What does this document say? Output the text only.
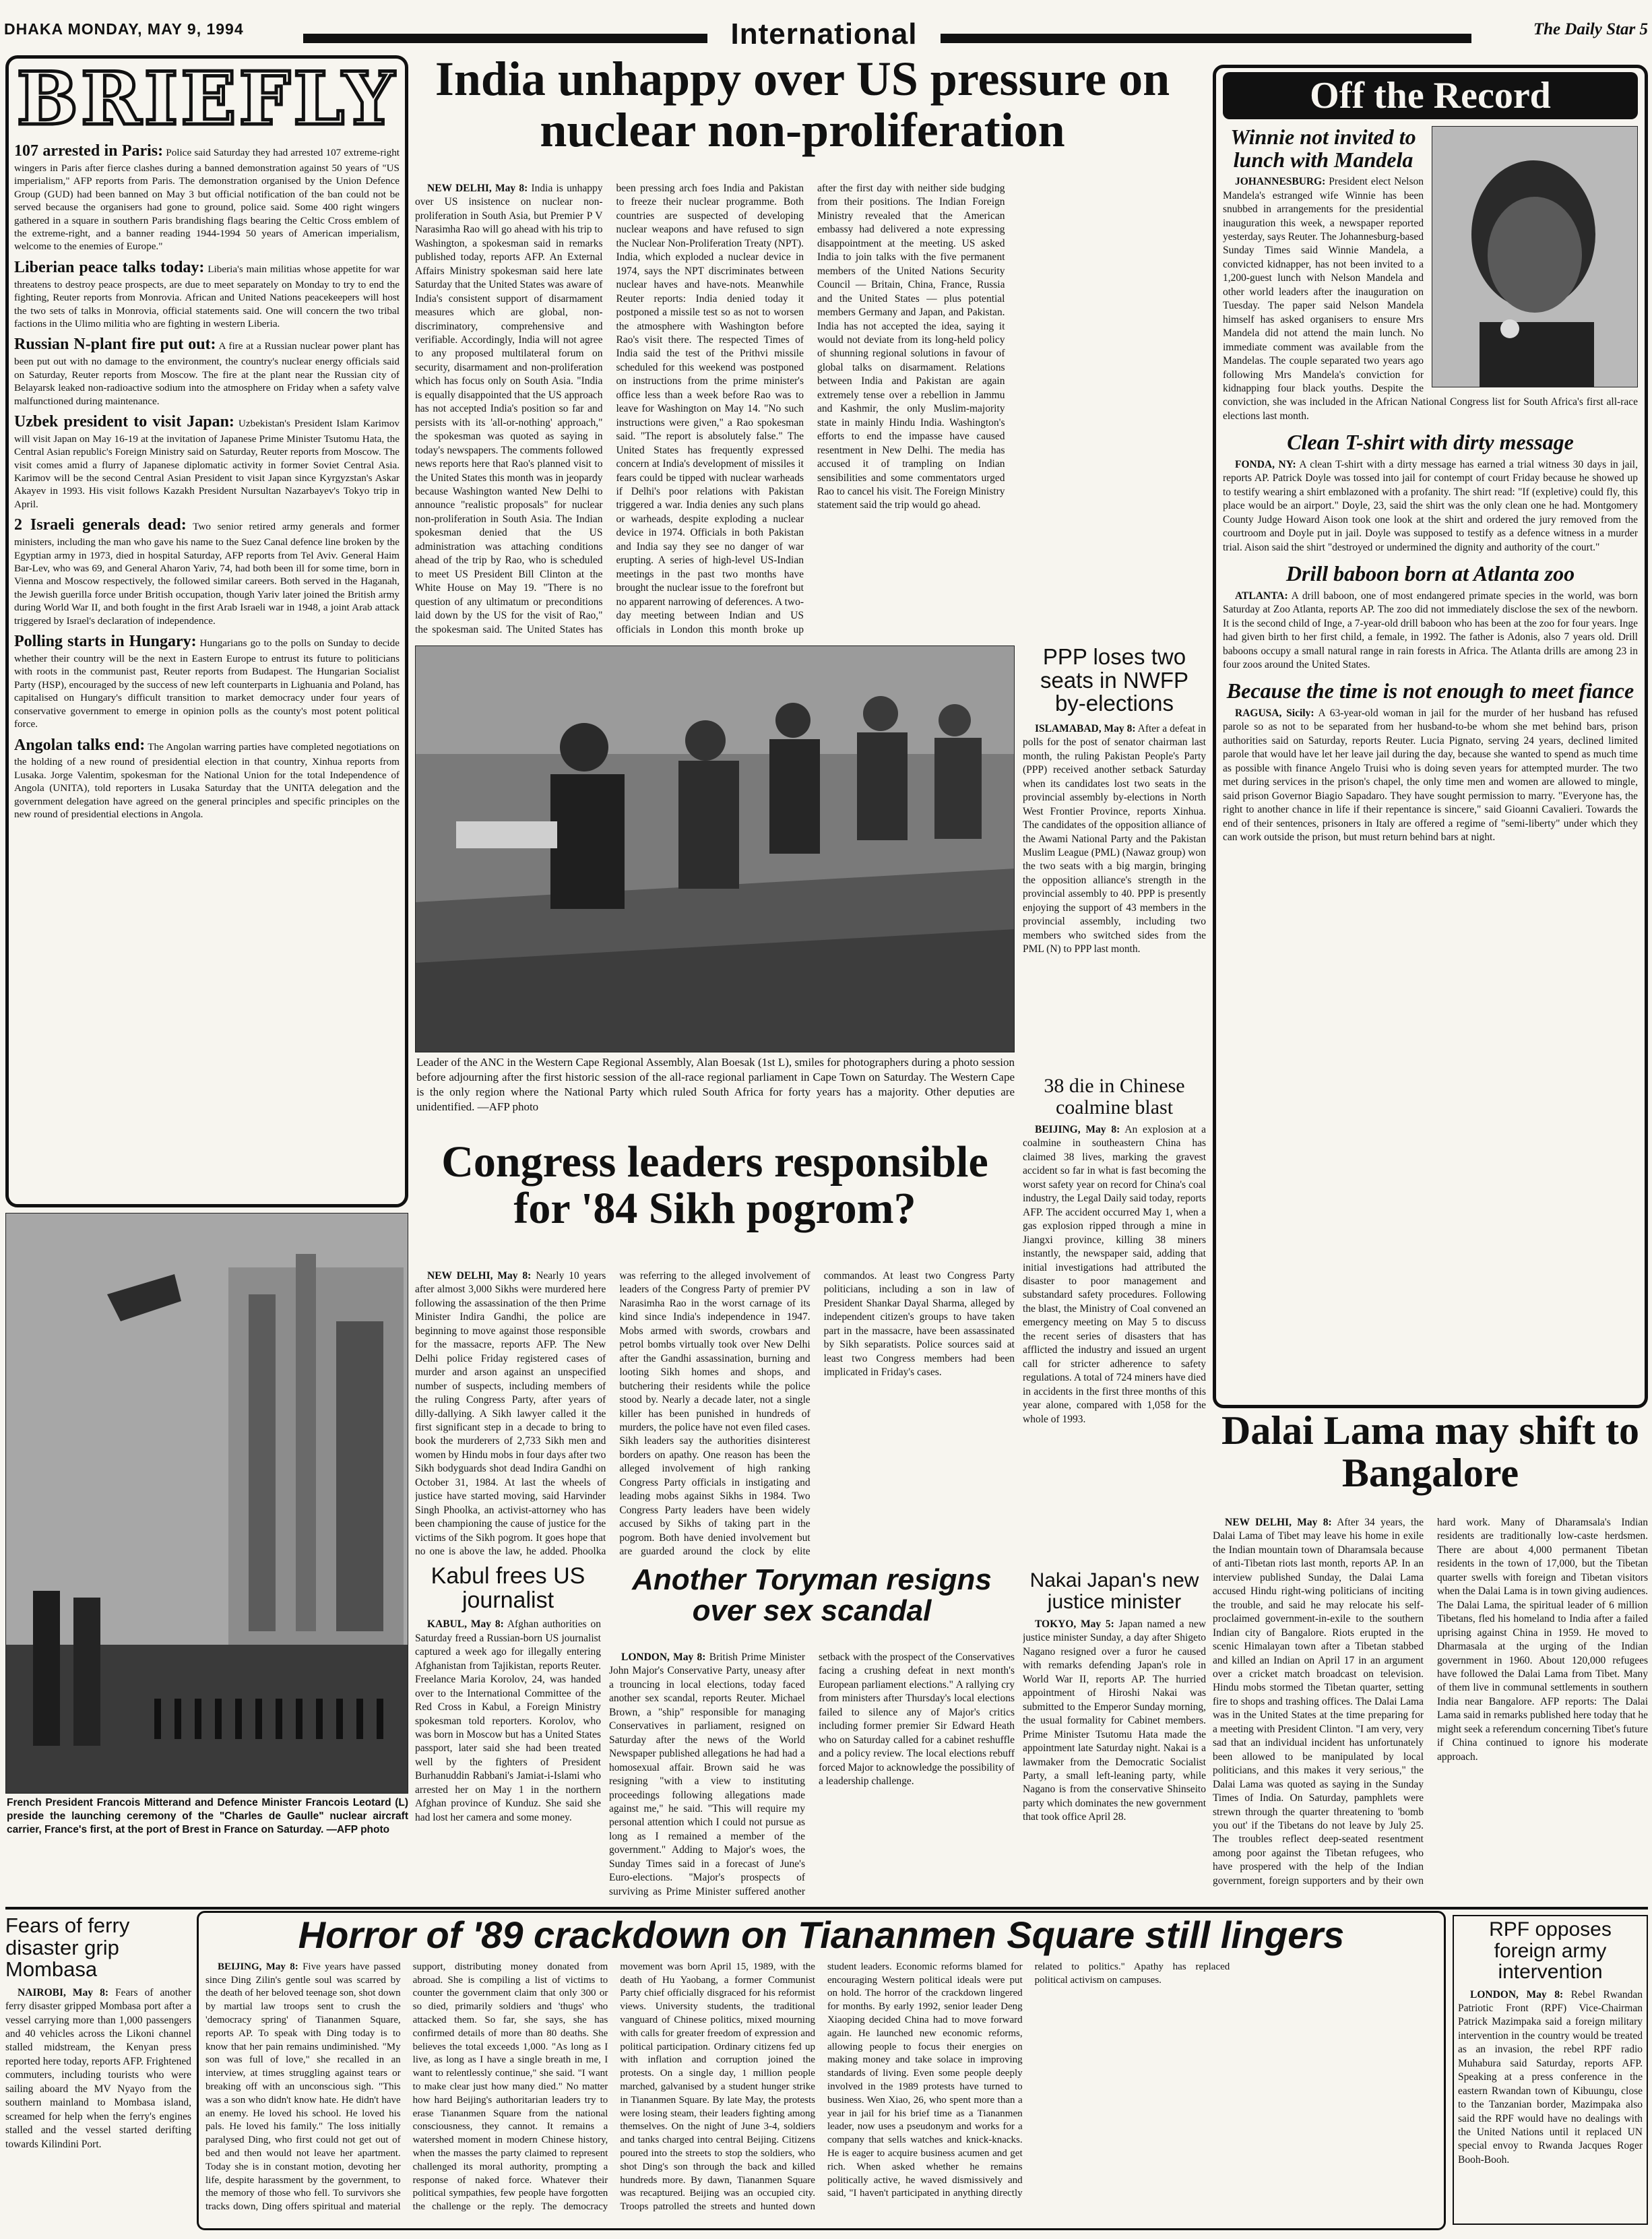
DHAKA MONDAY, MAY 9, 1994	International	The Daily Star 5
BRIEFLY

107 arrested in Paris: Police said Saturday they had arrested 107 extreme-right wingers in Paris after fierce clashes during a banned demonstration against 50 years of "US imperialism," AFP reports from Paris. The demonstration organised by the Union Defence Group (GUD) had been banned on May 3 but official notification of the ban could not be served because the organisers had gone to ground, police said. Some 400 right wingers gathered in a square in southern Paris brandishing flags bearing the Celtic Cross emblem of the extreme-right, and a banner reading 1944-1994 50 years of American imperialism, welcome to the enemies of Europe."

Liberian peace talks today: Liberia's main militias whose appetite for war threatens to destroy peace prospects, are due to meet separately on Monday to try to end the fighting, Reuter reports from Monrovia. African and United Nations peacekeepers will host the two sets of talks in Monrovia, official statements said. One will concern the two tribal factions in the Ulimo militia who are fighting in western Liberia.

Russian N-plant fire put out: A fire at a Russian nuclear power plant has been put out with no damage to the environment, the country's nuclear energy officials said on Saturday, Reuter reports from Moscow. The fire at the plant near the Russian city of Belayarsk leaked non-radioactive sodium into the atmosphere on Friday when a safety valve malfunctioned during maintenance.

Uzbek president to visit Japan: Uzbekistan's President Islam Karimov will visit Japan on May 16-19 at the invitation of Japanese Prime Minister Tsutomu Hata, the Central Asian republic's Foreign Ministry said on Saturday, Reuter reports from Moscow. The visit comes amid a flurry of Japanese diplomatic activity in former Soviet Central Asia. Karimov will be the second Central Asian President to visit Japan since Kyrgyzstan's Askar Akayev in 1993. His visit follows Kazakh President Nursultan Nazarbayev's Tokyo trip in April.

2 Israeli generals dead: Two senior retired army generals and former ministers, including the man who gave his name to the Suez Canal defence line broken by the Egyptian army in 1973, died in hospital Saturday, AFP reports from Tel Aviv. General Haim Bar-Lev, who was 69, and General Aharon Yariv, 74, had both been ill for some time, born in Vienna and Moscow respectively, the followed similar careers. Both served in the Haganah, the Jewish guerilla force under British occupation, though Yariv later joined the British army during World War II, and both fought in the first Arab Israeli war in 1948, a joint Arab attack triggered by Israel's declaration of independence.

Polling starts in Hungary: Hungarians go to the polls on Sunday to decide whether their country will be the next in Eastern Europe to entrust its future to politicians with roots in the communist past, Reuter reports from Budapest. The Hungarian Socialist Party (HSP), encouraged by the success of new left counterparts in Lighuania and Poland, has capitalised on Hungary's difficult transition to market democracy under four years of conservative government to emerge in opinion polls as the county's most potent political force.

Angolan talks end: The Angolan warring parties have completed negotiations on the holding of a new round of presidential election in that country, Xinhua reports from Lusaka. Jorge Valentim, spokesman for the National Union for the total Independence of Angola (UNITA), told reporters in Lusaka Saturday that the UNITA delegation and the government delegation have agreed on the general principles and specific principles on the new round of presidential elections in Angola.

French President Francois Mitterand and Defence Minister Francois Leotard (L) preside the launching ceremony of the "Charles de Gaulle" nuclear aircraft carrier, France's first, at the port of Brest in France on Saturday. —AFP photo
India unhappy over US pressure on nuclear non-proliferation

NEW DELHI, May 8: India is unhappy over US insistence on nuclear non-proliferation in South Asia, but Premier P V Narasimha Rao will go ahead with his trip to Washington, a spokesman said in remarks published today, reports AFP. An External Affairs Ministry spokesman said here late Saturday that the United States was aware of India's consistent support of disarmament measures which are global, non-discriminatory, comprehensive and verifiable. Accordingly, India will not agree to any proposed multilateral forum on security, disarmament and non-proliferation which has focus only on South Asia. "India is equally disappointed that the US approach has not accepted India's position so far and persists with its 'all-or-nothing' approach," the spokesman was quoted as saying in today's newspapers. The comments followed news reports here that Rao's planned visit to the United States this month was in jeopardy because Washington wanted New Delhi to announce "realistic proposals" for nuclear non-proliferation in South Asia. The Indian spokesman denied that the US administration was attaching conditions ahead of the trip by Rao, who is scheduled to meet US President Bill Clinton at the White House on May 19. "There is no question of any ultimatum or preconditions laid down by the US for the visit of Rao," the spokesman said. The United States has been pressing arch foes India and Pakistan to freeze their nuclear programme. Both countries are suspected of developing nuclear weapons and have refused to sign the Nuclear Non-Proliferation Treaty (NPT). India, which exploded a nuclear device in 1974, says the NPT discriminates between nuclear haves and have-nots. Meanwhile Reuter reports: India denied today it postponed a missile test so as not to worsen the atmosphere with Washington before Rao's visit there. The respected Times of India said the test of the Prithvi missile scheduled for this weekend was postponed on instructions from the prime minister's office less than a week before Rao was to leave for Washington on May 14. "No such instructions were given," a Rao spokesman said. "The report is absolutely false." The United States has frequently expressed concern at India's development of missiles it fears could be tipped with nuclear warheads if Delhi's poor relations with Pakistan triggered a war. India denies any such plans or warheads, despite exploding a nuclear device in 1974. Officials in both Pakistan and India say they see no danger of war erupting. A series of high-level US-Indian meetings in the past two months have brought the nuclear issue to the forefront but no apparent narrowing of deferences. A two-day meeting between Indian and US officials in London this month broke up after the first day with neither side budging from their positions. The Indian Foreign Ministry revealed that the American embassy had delivered a note expressing disappointment at the meeting. US asked India to join talks with the five permanent members of the United Nations Security Council — Britain, China, France, Russia and the United States — plus potential members Germany and Japan, and Pakistan. India has not accepted the idea, saying it would not deviate from its long-held policy of shunning regional solutions in favour of global talks on disarmament. Relations between India and Pakistan are again extremely tense over a rebellion in Jammu and Kashmir, the only Muslim-majority state in mainly Hindu India. Washington's efforts to end the impasse have caused resentment in New Delhi. The media has accused it of trampling on Indian sensibilities and some commentators urged Rao to cancel his visit. The Foreign Ministry statement said the trip would go ahead.

Leader of the ANC in the Western Cape Regional Assembly, Alan Boesak (1st L), smiles for photographers during a photo session before adjourning after the first historic session of the all-race regional parliament in Cape Town on Saturday. The Western Cape is the only region where the National Party which ruled South Africa for forty years has a majority. Other deputies are unidentified. —AFP photo
PPP loses two seats in NWFP by-elections

ISLAMABAD, May 8: After a defeat in polls for the post of senator chairman last month, the ruling Pakistan People's Party (PPP) received another setback Saturday when its candidates lost two seats in the provincial assembly by-elections in North West Frontier Province, reports Xinhua. The candidates of the opposition alliance of the Awami National Party and the Pakistan Muslim League (PML) (Nawaz group) won the two seats with a big margin, bringing the opposition alliance's strength in the provincial assembly to 40. PPP is presently enjoying the support of 43 members in the provincial assembly, including two members who switched sides from the PML (N) to PPP last month.

Congress leaders responsible for '84 Sikh pogrom?

NEW DELHI, May 8: Nearly 10 years after almost 3,000 Sikhs were murdered here following the assassination of the then Prime Minister Indira Gandhi, the police are beginning to move against those responsible for the massacre, reports AFP. The New Delhi police Friday registered cases of murder and arson against an unspecified number of suspects, including members of the ruling Congress Party, after years of dilly-dallying. A Sikh lawyer called it the first significant step in a decade to bring to book the murderers of 2,733 Sikh men and women by Hindu mobs in four days after two Sikh bodyguards shot dead Indira Gandhi on October 31, 1984. At last the wheels of justice have started moving, said Harvinder Singh Phoolka, an activist-attorney who has been championing the cause of justice for the victims of the Sikh pogrom. It goes hope that no one is above the law, he added. Phoolka was referring to the alleged involvement of leaders of the Congress Party of premier PV Narasimha Rao in the worst carnage of its kind since India's independence in 1947. Mobs armed with swords, crowbars and petrol bombs virtually took over New Delhi after the Gandhi assassination, burning and looting Sikh homes and shops, and butchering their residents while the police stood by. Nearly a decade later, not a single killer has been punished in hundreds of murders, the police have not even filed cases. Sikh leaders say the authorities disinterest borders on apathy. One reason has been the alleged involvement of high ranking Congress Party officials in instigating and leading mobs against Sikhs in 1984. Two Congress Party leaders have been widely accused by Sikhs of taking part in the pogrom. Both have denied involvement but are guarded around the clock by elite commandos. At least two Congress Party politicians, including a son in law of President Shankar Dayal Sharma, alleged by independent citizen's groups to have taken part in the massacre, have been assassinated by Sikh separatists. Police sources said at least two Congress members had been implicated in Friday's cases.

38 die in Chinese coalmine blast

BEIJING, May 8: An explosion at a coalmine in southeastern China has claimed 38 lives, marking the gravest accident so far in what is fast becoming the worst safety year on record for China's coal industry, the Legal Daily said today, reports AFP. The accident occurred May 1, when a gas explosion ripped through a mine in Jiangxi province, killing 38 miners instantly, the newspaper said, adding that initial investigations had attributed the disaster to poor management and substandard safety procedures. Following the blast, the Ministry of Coal convened an emergency meeting on May 5 to discuss the recent series of disasters that has afflicted the industry and issued an urgent call for stricter adherence to safety regulations. A total of 724 miners have died in accidents in the first three months of this year alone, compared with 1,058 for the whole of 1993.

Kabul frees US journalist

KABUL, May 8: Afghan authorities on Saturday freed a Russian-born US journalist captured a week ago for illegally entering Afghanistan from Tajikistan, reports Reuter. Freelance Maria Korolov, 24, was handed over to the International Committee of the Red Cross in Kabul, a Foreign Ministry spokesman told reporters. Korolov, who was born in Moscow but has a United States passport, later said she had been treated well by the fighters of President Burhanuddin Rabbani's Jamiat-i-Islami who arrested her on May 1 in the northern Afghan province of Kunduz. She said she had lost her camera and some money.

Another Toryman resigns over sex scandal

LONDON, May 8: British Prime Minister John Major's Conservative Party, uneasy after a trouncing in local elections, today faced another sex scandal, reports Reuter. Michael Brown, a "ship" responsible for managing Conservatives in parliament, resigned on Saturday after the news of the World Newspaper published allegations he had had a homosexual affair. Brown said he was resigning "with a view to instituting proceedings following allegations made against me," he said. "This will require my personal attention which I could not pursue as long as I remained a member of the government." Adding to Major's woes, the Sunday Times said in a forecast of June's Euro-elections. "Major's prospects of surviving as Prime Minister suffered another setback with the prospect of the Conservatives facing a crushing defeat in next month's European parliament elections." A rallying cry from ministers after Thursday's local elections failed to silence any of Major's critics including former premier Sir Edward Heath who on Saturday called for a cabinet reshuffle and a policy review. The local elections rebuff forced Major to acknowledge the possibility of a leadership challenge.

Nakai Japan's new justice minister

TOKYO, May 5: Japan named a new justice minister Sunday, a day after Shigeto Nagano resigned over a furor he caused with remarks defending Japan's role in World War II, reports AP. The hurried appointment of Hiroshi Nakai was submitted to the Emperor Sunday morning, the usual formality for Cabinet members. Prime Minister Tsutomu Hata made the appointment late Saturday night. Nakai is a lawmaker from the Democratic Socialist Party, a small left-leaning party, while Nagano is from the conservative Shinseito party which dominates the new government that took office April 28.

Off the Record
Winnie not invited to lunch with Mandela

JOHANNESBURG: President elect Nelson Mandela's estranged wife Winnie has been snubbed in arrangements for the presidential inauguration this week, a newspaper reported yesterday, says Reuter. The Johannesburg-based Sunday Times said Winnie Mandela, a convicted kidnapper, has not been invited to a 1,200-guest lunch with Nelson Mandela and other world leaders after the inauguration on Tuesday. The paper said Nelson Mandela himself has asked organisers to ensure Mrs Mandela did not attend the main lunch. No immediate comment was available from the Mandelas. The couple separated two years ago following Mrs Mandela's conviction for kidnapping four black youths. Despite the conviction, she was included in the African National Congress list for South Africa's first all-race elections last month.

Clean T-shirt with dirty message

FONDA, NY: A clean T-shirt with a dirty message has earned a trial witness 30 days in jail, reports AP. Patrick Doyle was tossed into jail for contempt of court Friday because he showed up to testify wearing a shirt emblazoned with a profanity. The shirt read: "If (expletive) could fly, this place would be an airport." Doyle, 23, said the shirt was the only clean one he had. Montgomery County Judge Howard Aison took one look at the shirt and ordered the jury removed from the courtroom and Doyle put in jail. Doyle was supposed to testify as a defence witness in a murder trial. Aison said the shirt "destroyed or undermined the dignity and authority of the court."

Drill baboon born at Atlanta zoo

ATLANTA: A drill baboon, one of most endangered primate species in the world, was born Saturday at Zoo Atlanta, reports AP. The zoo did not immediately disclose the sex of the newborn. It is the second child of Inge, a 7-year-old drill baboon who has been at the zoo for four years. Inge had given birth to her first child, a female, in 1992. The father is Adonis, also 7 years old. Drill baboons occupy a small natural range in rain forests in Africa. The Atlanta drills are among 23 in four zoos around the United States.

Because the time is not enough to meet fiance

RAGUSA, Sicily: A 63-year-old woman in jail for the murder of her husband has refused parole so as not to be separated from her husband-to-be whom she met behind bars, prison authorities said on Saturday, reports Reuter. Lucia Pignato, serving 24 years, declined limited parole that would have let her leave jail during the day, because she wanted to spend as much time as possible with finance Angelo Truisi who is doing seven years for attempted murder. The two met during services in the prison's chapel, the only time men and women are allowed to mingle, said prison Governor Biagio Sapadaro. They have sought permission to marry. "Everyone has, the right to another chance in life if their repentance is sincere," said Gioanni Cavalieri. Towards the end of their sentences, prisoners in Italy are offered a regime of "semi-liberty" under which they can work outside the prison, but must return behind bars at night.

Dalai Lama may shift to Bangalore

NEW DELHI, May 8: After 34 years, the Dalai Lama of Tibet may leave his home in exile the Indian mountain town of Dharamsala because of anti-Tibetan riots last month, reports AP. In an interview published Sunday, the Dalai Lama accused Hindu right-wing politicians of inciting the trouble, and said he may relocate his self-proclaimed government-in-exile to the southern Indian city of Bangalore. Riots erupted in the scenic Himalayan town after a Tibetan stabbed and killed an Indian on April 17 in an argument over a cricket match broadcast on television. Hindu mobs stormed the Tibetan quarter, setting fire to shops and trashing offices. The Dalai Lama was in the United States at the time preparing for a meeting with President Clinton. "I am very, very sad that an individual incident has unfortunately been allowed to be manipulated by local politicians, and this makes it very serious," the Dalai Lama was quoted as saying in the Sunday Times of India. On Saturday, pamphlets were strewn through the quarter threatening to 'bomb you out' if the Tibetans do not leave by July 25. The troubles reflect deep-seated resentment among poor against the Tibetan refugees, who have prospered with the help of the Indian government, foreign supporters and by their own hard work. Many of Dharamsala's Indian residents are traditionally low-caste herdsmen. There are about 4,000 permanent Tibetan residents in the town of 17,000, but the Tibetan quarter swells with foreign and Tibetan visitors when the Dalai Lama is in town giving audiences. The Dalai Lama, the spiritual leader of 6 million Tibetans, fled his homeland to India after a failed uprising against China in 1959. He moved to Dharmasala at the urging of the Indian government in 1960. About 120,000 refugees have followed the Dalai Lama from Tibet. Many of them live in communal settlements in southern India near Bangalore. AFP reports: The Dalai Lama said in remarks published here today that he might seek a referendum concerning Tibet's future if China continued to ignore his moderate approach.

Fears of ferry disaster grip Mombasa

NAIROBI, May 8: Fears of another ferry disaster gripped Mombasa port after a vessel carrying more than 1,000 passengers and 40 vehicles across the Likoni channel stalled midstream, the Kenyan press reported here today, reports AFP. Frightened commuters, including tourists who were sailing aboard the MV Nyayo from the southern mainland to Mombasa island, screamed for help when the ferry's engines stalled and the vessel started derifting towards Kilindini Port.

Horror of '89 crackdown on Tiananmen Square still lingers

BEIJING, May 8: Five years have passed since Ding Zilin's gentle soul was scarred by the death of her beloved teenage son, shot down by martial law troops sent to crush the 'democracy spring' of Tiananmen Square, reports AP. To speak with Ding today is to know that her pain remains undiminished. "My son was full of love," she recalled in an interview, at times struggling against tears or breaking off with an unconscious sigh. "This was a son who didn't know hate. He didn't have an enemy. He loved his school. He loved his pals. He loved his family." The loss initially paralysed Ding, who first could not get out of bed and then would not leave her apartment. Today she is in constant motion, devoting her life, despite harassment by the government, to the memory of those who fell. To survivors she tracks down, Ding offers spiritual and material support, distributing money donated from abroad. She is compiling a list of victims to counter the government claim that only 300 or so died, primarily soldiers and 'thugs' who attacked them. So far, she says, she has confirmed details of more than 80 deaths. She believes the total exceeds 1,000. "As long as I live, as long as I have a single breath in me, I want to relentlessly continue," she said. "I want to make clear just how many died." No matter how hard Beijing's authoritarian leaders try to erase Tiananmen Square from the national consciousness, they cannot. It remains a watershed moment in modern Chinese history, when the masses the party claimed to represent challenged its moral authority, prompting a response of naked force. Whatever their political sympathies, few people have forgotten the challenge or the reply. The democracy movement was born April 15, 1989, with the death of Hu Yaobang, a former Communist Party chief officially disgraced for his reformist views. University students, the traditional vanguard of Chinese politics, mixed mourning with calls for greater freedom of expression and political participation. Ordinary citizens fed up with inflation and corruption joined the protests. On a single day, 1 million people marched, galvanised by a student hunger strike in Tiananmen Square. By late May, the protests were losing steam, their leaders fighting among themselves. On the night of June 3-4, soldiers and tanks charged into central Beijing. Citizens poured into the streets to stop the soldiers, who shot Ding's son through the back and killed hundreds more. By dawn, Tiananmen Square was recaptured. Beijing was an occupied city. Troops patrolled the streets and hunted down student leaders. Economic reforms blamed for encouraging Western political ideals were put on hold. The horror of the crackdown lingered for months. By early 1992, senior leader Deng Xiaoping decided China had to move forward again. He launched new economic reforms, allowing people to focus their energies on making money and take solace in improving standards of living. Even some people deeply involved in the 1989 protests have turned to business. Wen Xiao, 26, who spent more than a year in jail for his brief time as a Tiananmen leader, now uses a pseudonym and works for a company that sells watches and knick-knacks. He is eager to acquire business acumen and get rich. When asked whether he remains politically active, he waved dismissively and said, "I haven't participated in anything directly related to politics." Apathy has replaced political activism on campuses.

RPF opposes foreign army intervention

LONDON, May 8: Rebel Rwandan Patriotic Front (RPF) Vice-Chairman Patrick Mazimpaka said a foreign military intervention in the country would be treated as an invasion, the rebel RPF radio Muhabura said Saturday, reports AFP. Speaking at a press conference in the eastern Rwandan town of Kibuungu, close to the Tanzanian border, Mazimpaka also said the RPF would have no dealings with the United Nations until it replaced UN special envoy to Rwanda Jacques Roger Booh-Booh.
